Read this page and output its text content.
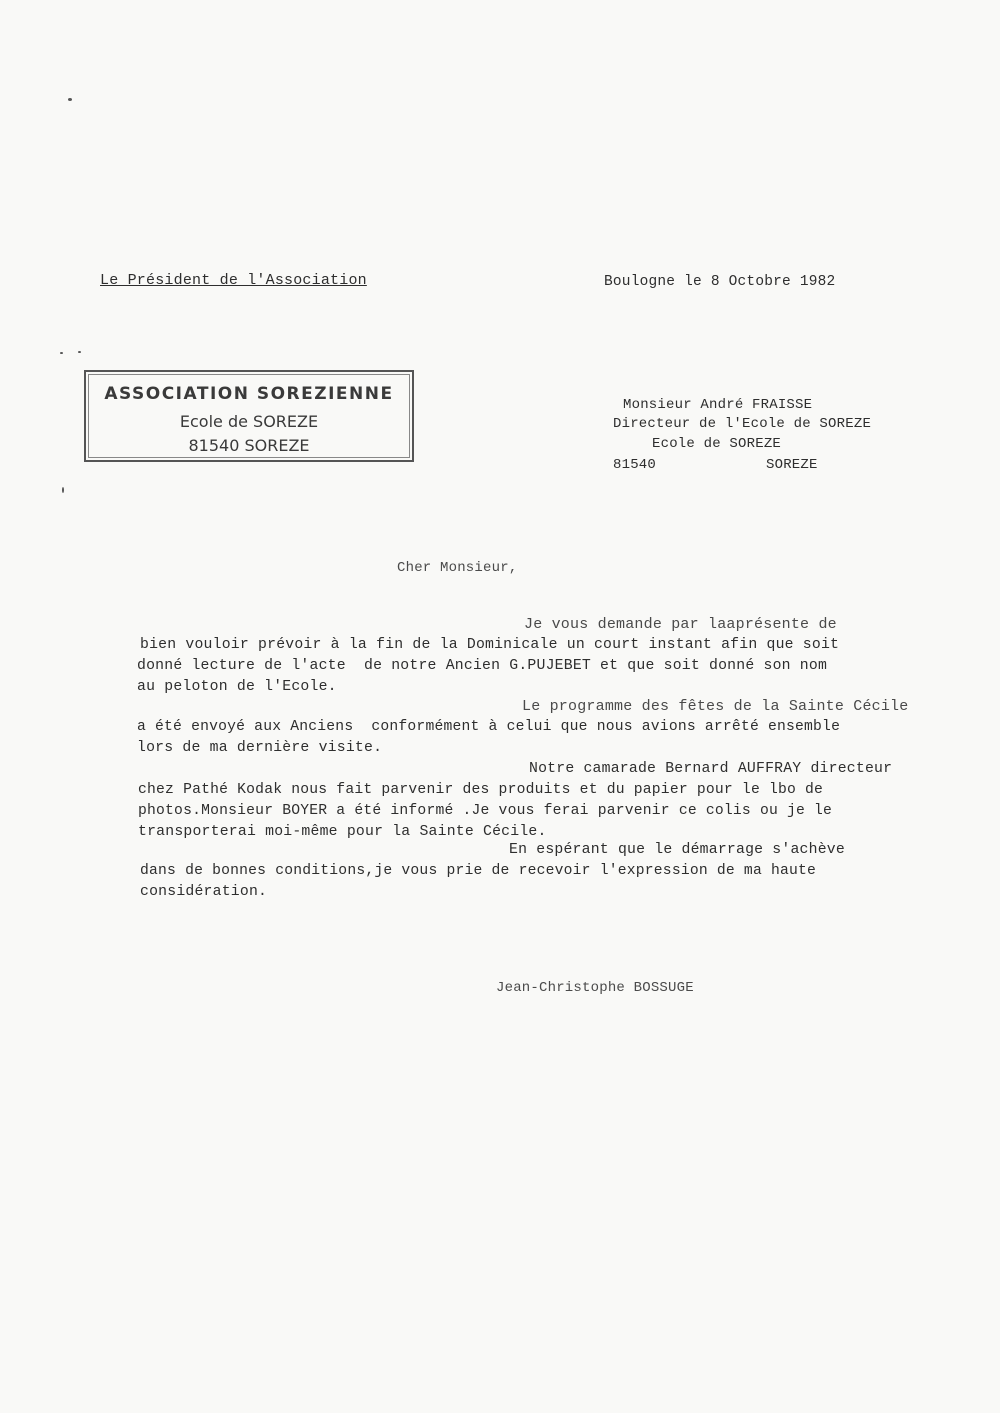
Le Président de l'Association	Boulogne le 8 Octobre 1982
ASSOCIATION SOREZIENNE
Ecole de SOREZE
81540 SOREZE
Monsieur André FRAISSE
Directeur de l'Ecole de SOREZE
Ecole de SOREZE
81540	SOREZE
Cher Monsieur,
Je vous demande par laaprésente de
bien vouloir prévoir à la fin de la Dominicale un court instant afin que soit
donné lecture de l'acte  de notre Ancien G.PUJEBET et que soit donné son nom
au peloton de l'Ecole.
Le programme des fêtes de la Sainte Cécile
a été envoyé aux Anciens  conformément à celui que nous avions arrêté ensemble
lors de ma dernière visite.
Notre camarade Bernard AUFFRAY directeur
chez Pathé Kodak nous fait parvenir des produits et du papier pour le lbo de
photos.Monsieur BOYER a été informé .Je vous ferai parvenir ce colis ou je le
transporterai moi-même pour la Sainte Cécile.
En espérant que le démarrage s'achève
dans de bonnes conditions,je vous prie de recevoir l'expression de ma haute
considération.
Jean-Christophe BOSSUGE
